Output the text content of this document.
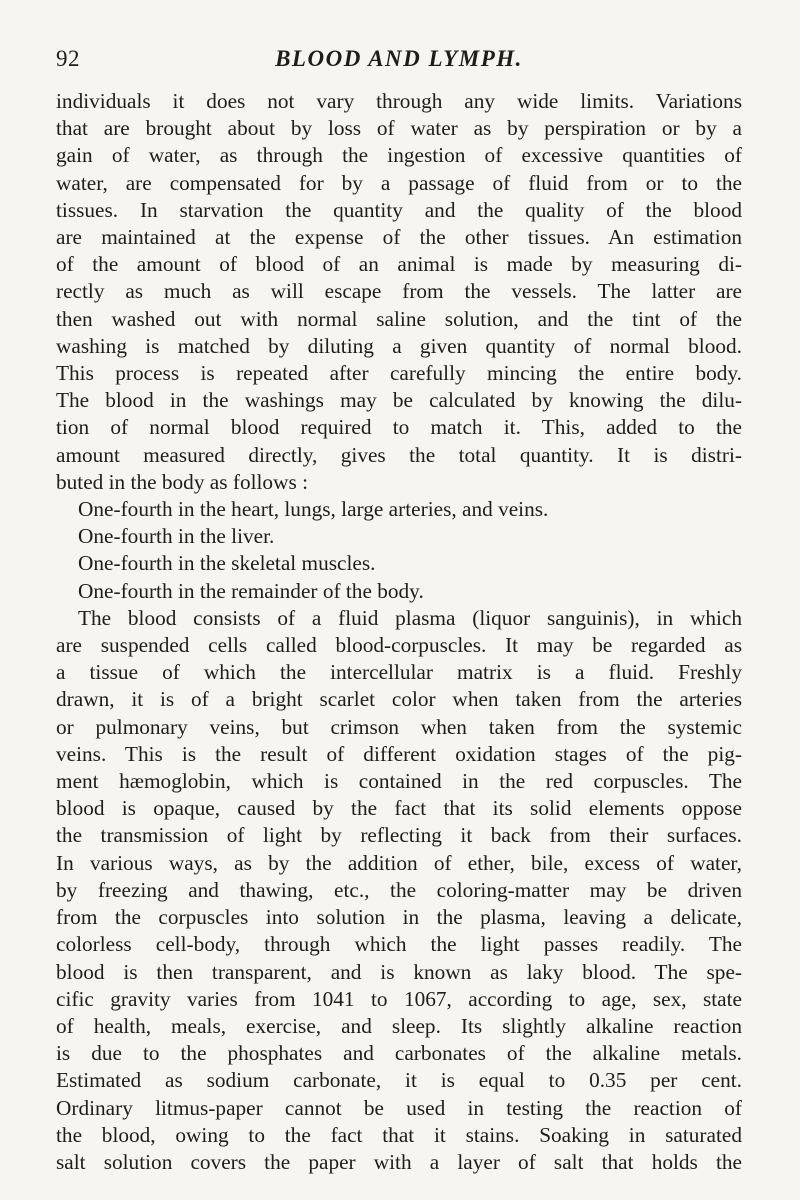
92	BLOOD AND LYMPH.
individuals it does not vary through any wide limits. Variations
that are brought about by loss of water as by perspiration or by a
gain of water, as through the ingestion of excessive quantities of
water, are compensated for by a passage of fluid from or to the
tissues. In starvation the quantity and the quality of the blood
are maintained at the expense of the other tissues. An estimation
of the amount of blood of an animal is made by measuring di-
rectly as much as will escape from the vessels. The latter are
then washed out with normal saline solution, and the tint of the
washing is matched by diluting a given quantity of normal blood.
This process is repeated after carefully mincing the entire body.
The blood in the washings may be calculated by knowing the dilu-
tion of normal blood required to match it. This, added to the
amount measured directly, gives the total quantity. It is distri-
buted in the body as follows :
One-fourth in the heart, lungs, large arteries, and veins.
One-fourth in the liver.
One-fourth in the skeletal muscles.
One-fourth in the remainder of the body.
The blood consists of a fluid plasma (liquor sanguinis), in which
are suspended cells called blood-corpuscles. It may be regarded as
a tissue of which the intercellular matrix is a fluid. Freshly
drawn, it is of a bright scarlet color when taken from the arteries
or pulmonary veins, but crimson when taken from the systemic
veins. This is the result of different oxidation stages of the pig-
ment hæmoglobin, which is contained in the red corpuscles. The
blood is opaque, caused by the fact that its solid elements oppose
the transmission of light by reflecting it back from their surfaces.
In various ways, as by the addition of ether, bile, excess of water,
by freezing and thawing, etc., the coloring-matter may be driven
from the corpuscles into solution in the plasma, leaving a delicate,
colorless cell-body, through which the light passes readily. The
blood is then transparent, and is known as laky blood. The spe-
cific gravity varies from 1041 to 1067, according to age, sex, state
of health, meals, exercise, and sleep. Its slightly alkaline reaction
is due to the phosphates and carbonates of the alkaline metals.
Estimated as sodium carbonate, it is equal to 0.35 per cent.
Ordinary litmus-paper cannot be used in testing the reaction of
the blood, owing to the fact that it stains. Soaking in saturated
salt solution covers the paper with a layer of salt that holds the
